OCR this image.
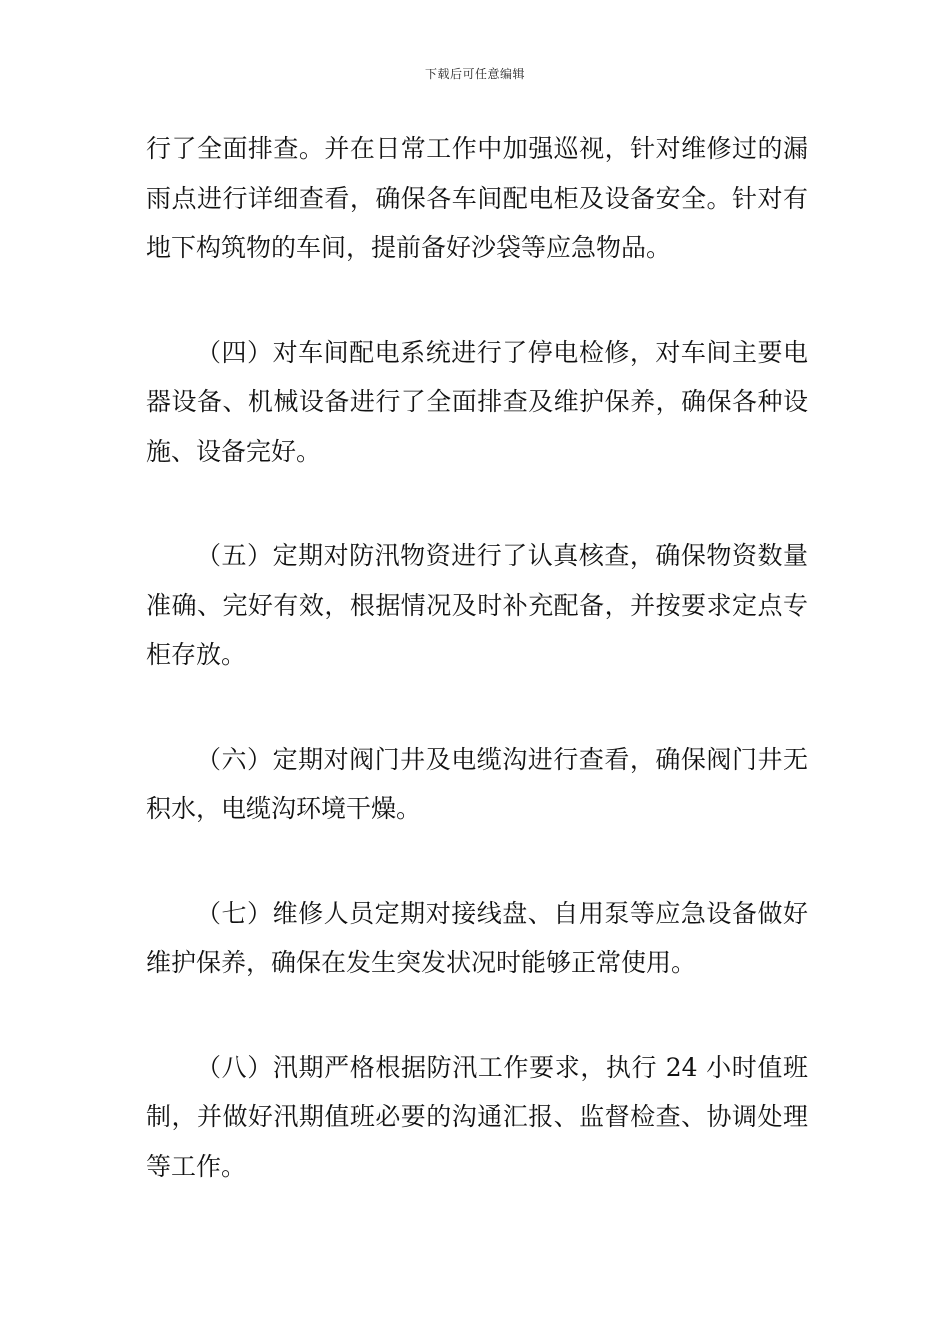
下载后可任意编辑

行了全面排查。并在日常工作中加强巡视，针对维修过的漏雨点进行详细查看，确保各车间配电柜及设备安全。针对有地下构筑物的车间，提前备好沙袋等应急物品。

（四）对车间配电系统进行了停电检修，对车间主要电器设备、机械设备进行了全面排查及维护保养，确保各种设施、设备完好。

（五）定期对防汛物资进行了认真核查，确保物资数量准确、完好有效，根据情况及时补充配备，并按要求定点专柜存放。

（六）定期对阀门井及电缆沟进行查看，确保阀门井无积水，电缆沟环境干燥。

（七）维修人员定期对接线盘、自用泵等应急设备做好维护保养，确保在发生突发状况时能够正常使用。

（八）汛期严格根据防汛工作要求，执行 24 小时值班制，并做好汛期值班必要的沟通汇报、监督检查、协调处理等工作。
